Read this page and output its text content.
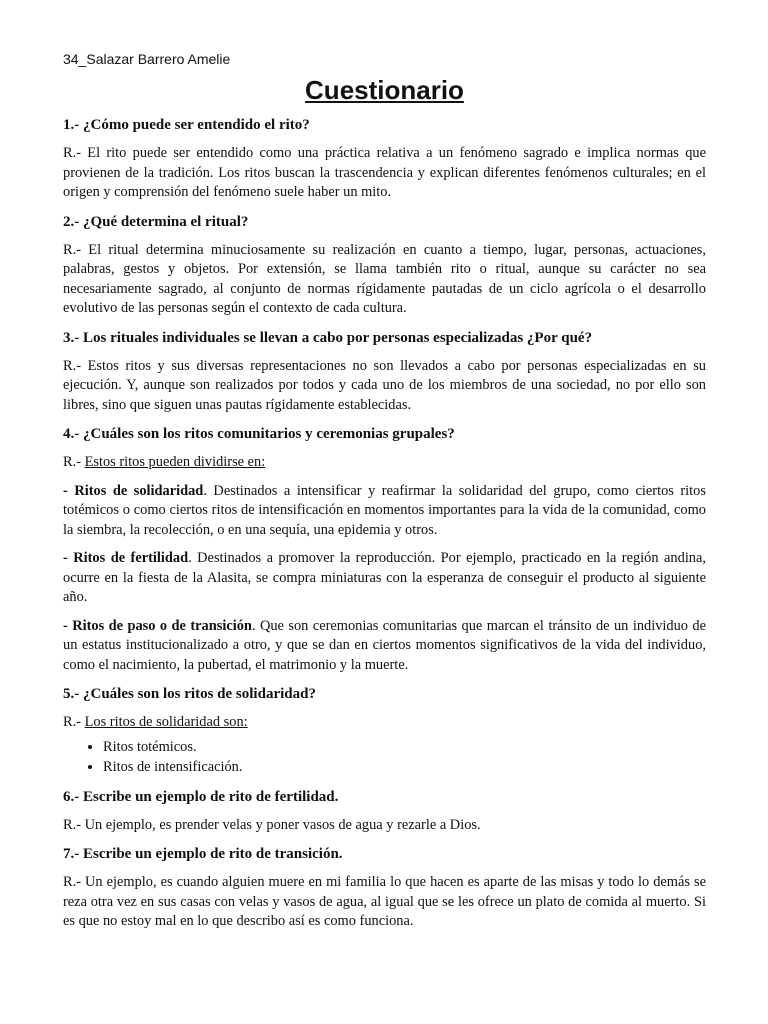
34_Salazar Barrero Amelie

Cuestionario

1.- ¿Cómo puede ser entendido el rito?

R.- El rito puede ser entendido como una práctica relativa a un fenómeno sagrado e implica normas que provienen de la tradición. Los ritos buscan la trascendencia y explican diferentes fenómenos culturales; en el origen y comprensión del fenómeno suele haber un mito.

2.- ¿Qué determina el ritual?

R.- El ritual determina minuciosamente su realización en cuanto a tiempo, lugar, personas, actuaciones, palabras, gestos y objetos. Por extensión, se llama también rito o ritual, aunque su carácter no sea necesariamente sagrado, al conjunto de normas rígidamente pautadas de un ciclo agrícola o el desarrollo evolutivo de las personas según el contexto de cada cultura.

3.- Los rituales individuales se llevan a cabo por personas especializadas ¿Por qué?

R.- Estos ritos y sus diversas representaciones no son llevados a cabo por personas especializadas en su ejecución. Y, aunque son realizados por todos y cada uno de los miembros de una sociedad, no por ello son libres, sino que siguen unas pautas rígidamente establecidas.

4.- ¿Cuáles son los ritos comunitarios y ceremonias grupales?

R.- Estos ritos pueden dividirse en:

- Ritos de solidaridad. Destinados a intensificar y reafirmar la solidaridad del grupo, como ciertos ritos totémicos o como ciertos ritos de intensificación en momentos importantes para la vida de la comunidad, como la siembra, la recolección, o en una sequía, una epidemia y otros.

- Ritos de fertilidad. Destinados a promover la reproducción. Por ejemplo, practicado en la región andina, ocurre en la fiesta de la Alasita, se compra miniaturas con la esperanza de conseguir el producto al siguiente año.

- Ritos de paso o de transición. Que son ceremonias comunitarias que marcan el tránsito de un individuo de un estatus institucionalizado a otro, y que se dan en ciertos momentos significativos de la vida del individuo, como el nacimiento, la pubertad, el matrimonio y la muerte.

5.- ¿Cuáles son los ritos de solidaridad?

R.- Los ritos de solidaridad son:

• Ritos totémicos.
• Ritos de intensificación.

6.- Escribe un ejemplo de rito de fertilidad.

R.- Un ejemplo, es prender velas y poner vasos de agua y rezarle a Dios.

7.- Escribe un ejemplo de rito de transición.

R.- Un ejemplo, es cuando alguien muere en mi familia lo que hacen es aparte de las misas y todo lo demás se reza otra vez en sus casas con velas y vasos de agua, al igual que se les ofrece un plato de comida al muerto. Si es que no estoy mal en lo que describo así es como funciona.
